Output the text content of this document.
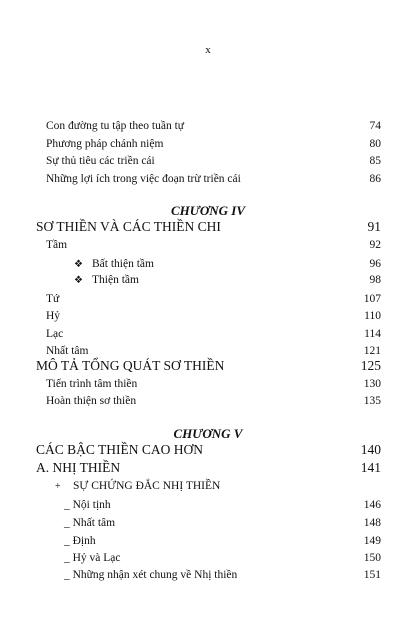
x
Con đường tu tập theo tuần tự	74
Phương pháp chánh niệm	80
Sự thủ tiêu các triền cái	85
Những lợi ích trong việc đoạn trừ triền cái	86
CHƯƠNG IV
SƠ THIỀN VÀ CÁC THIỀN CHI	91
Tầm	92
❖ Bất thiện tầm	96
❖ Thiện tầm	98
Tứ	107
Hỷ	110
Lạc	114
Nhất tâm	121
MÔ TẢ TỔNG QUÁT SƠ THIỀN	125
Tiến trình tâm thiền	130
Hoàn thiện sơ thiền	135
CHƯƠNG V
CÁC BẬC THIỀN CAO HƠN	140
A. NHỊ THIỀN	141
+ SỰ CHỨNG ĐẮC NHỊ THIỀN
_ Nội tịnh	146
_ Nhất tâm	148
_ Định	149
_ Hỷ và Lạc	150
_ Những nhận xét chung về Nhị thiền	151
